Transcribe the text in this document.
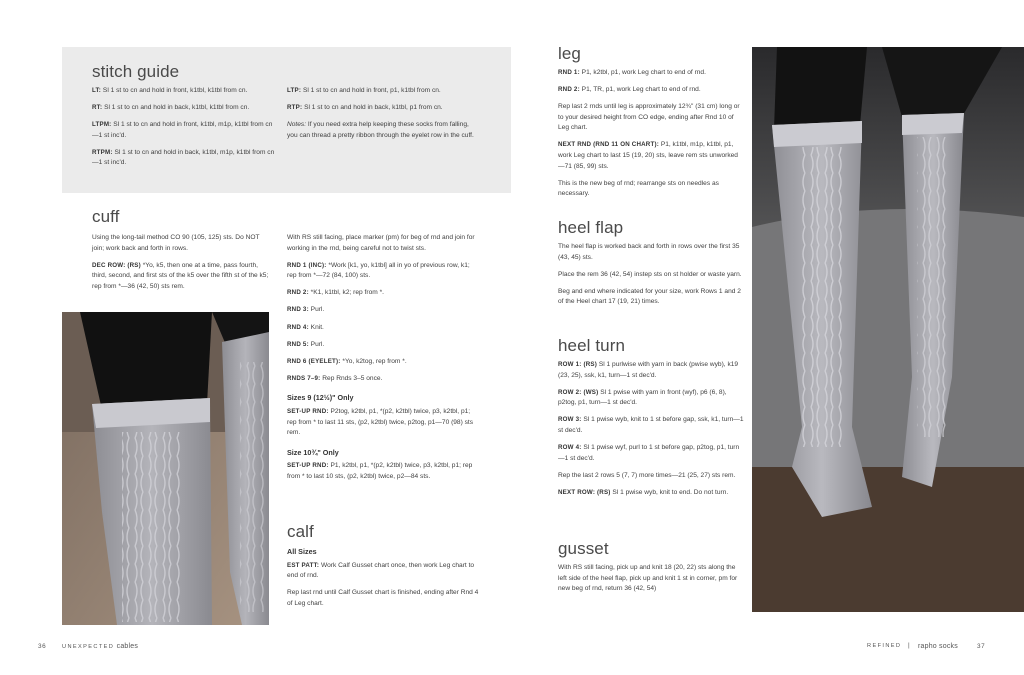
stitch guide

LT: Sl 1 st to cn and hold in front, k1tbl, k1tbl from cn.

RT: Sl 1 st to cn and hold in back, k1tbl, k1tbl from cn.

LTPM: Sl 1 st to cn and hold in front, k1tbl, m1p, k1tbl from cn—1 st inc'd.

RTPM: Sl 1 st to cn and hold in back, k1tbl, m1p, k1tbl from cn—1 st inc'd.

LTP: Sl 1 st to cn and hold in front, p1, k1tbl from cn.

RTP: Sl 1 st to cn and hold in back, k1tbl, p1 from cn.

Notes: If you need extra help keeping these socks from falling, you can thread a pretty ribbon through the eyelet row in the cuff.

cuff

Using the long-tail method CO 90 (105, 125) sts. Do NOT join; work back and forth in rows.

DEC ROW: (RS) *Yo, k5, then one at a time, pass fourth, third, second, and first sts of the k5 over the fifth st of the k5; rep from *—36 (42, 50) sts rem.

With RS still facing, place marker (pm) for beg of rnd and join for working in the rnd, being careful not to twist sts.

RND 1 (INC): *Work [k1, yo, k1tbl] all in yo of previous row, k1; rep from *—72 (84, 100) sts.

RND 2: *K1, k1tbl, k2; rep from *.

RND 3: Purl.

RND 4: Knit.

RND 5: Purl.

RND 6 (EYELET): *Yo, k2tog, rep from *.

RNDS 7–9: Rep Rnds 3–5 once.

Sizes 9 (12½)" Only

SET-UP RND: P2tog, k2tbl, p1, *(p2, k2tbl) twice, p3, k2tbl, p1; rep from * to last 11 sts, (p2, k2tbl) twice, p2tog, p1—70 (98) sts rem.

Size 10¾" Only

SET-UP RND: P1, k2tbl, p1, *(p2, k2tbl) twice, p3, k2tbl, p1; rep from * to last 10 sts, (p2, k2tbl) twice, p2—84 sts.

calf
All Sizes

EST PATT: Work Calf Gusset chart once, then work Leg chart to end of rnd.

Rep last rnd until Calf Gusset chart is finished, ending after Rnd 4 of Leg chart.

36	UNEXPECTED cables
leg

RND 1: P1, k2tbl, p1, work Leg chart to end of rnd.

RND 2: P1, TR, p1, work Leg chart to end of rnd.

Rep last 2 rnds until leg is approximately 12¾" (31 cm) long or to your desired height from CO edge, ending after Rnd 10 of Leg chart.

NEXT RND (RND 11 ON CHART): P1, k1tbl, m1p, k1tbl, p1, work Leg chart to last 15 (19, 20) sts, leave rem sts unworked—71 (85, 99) sts.

This is the new beg of rnd; rearrange sts on needles as necessary.

heel flap

The heel flap is worked back and forth in rows over the first 35 (43, 45) sts.

Place the rem 36 (42, 54) instep sts on st holder or waste yarn.

Beg and end where indicated for your size, work Rows 1 and 2 of the Heel chart 17 (19, 21) times.

heel turn

ROW 1: (RS) Sl 1 purlwise with yarn in back (pwise wyb), k19 (23, 25), ssk, k1, turn—1 st dec'd.

ROW 2: (WS) Sl 1 pwise with yarn in front (wyf), p6 (6, 8), p2tog, p1, turn—1 st dec'd.

ROW 3: Sl 1 pwise wyb, knit to 1 st before gap, ssk, k1, turn—1 st dec'd.

ROW 4: Sl 1 pwise wyf, purl to 1 st before gap, p2tog, p1, turn—1 st dec'd.

Rep the last 2 rows 5 (7, 7) more times—21 (25, 27) sts rem.

NEXT ROW: (RS) Sl 1 pwise wyb, knit to end. Do not turn.

gusset

With RS still facing, pick up and knit 18 (20, 22) sts along the left side of the heel flap, pick up and knit 1 st in corner, pm for new beg of rnd, return 36 (42, 54)

REFINED | rapho socks	37
